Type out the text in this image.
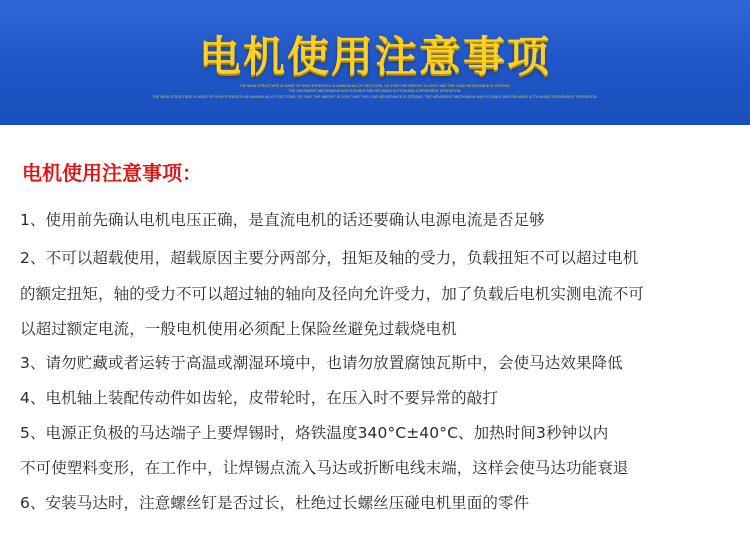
电机使用注意事项
THE MAIN STRUCTURE IS MADE OF HIGH STRENGTH ALUMINUM ALLOY SECTIONS, SO THAT THE WEIGHT IS LIGHT AND THE LOAD RESISTANCE IS STRONG.
THE MOVEMENT MECHANISM HAS FLEXIBLE AND RELIABLE ACTION AND CONVENIENT OPERATION.
THE MAIN STRUCTURE IS MADE OF HIGH STRENGTH ALUMINUM ALLOY SECTIONS, SO THAT THE WEIGHT IS LIGHT AND THE LOAD RESISTANCE IS STRONG. THE MOVEMENT MECHANISM HAS FLEXIBLE AND RELIABLE ACTION AND CONVENIENT OPERATION.
电机使用注意事项：
1、使用前先确认电机电压正确，是直流电机的话还要确认电源电流是否足够
2、不可以超载使用，超载原因主要分两部分，扭矩及轴的受力，负载扭矩不可以超过电机
的额定扭矩，轴的受力不可以超过轴的轴向及径向允许受力，加了负载后电机实测电流不可
以超过额定电流，一般电机使用必须配上保险丝避免过载烧电机
3、请勿贮藏或者运转于高温或潮湿环境中，也请勿放置腐蚀瓦斯中，会使马达效果降低
4、电机轴上装配传动件如齿轮，皮带轮时，在压入时不要异常的敲打
5、电源正负极的马达端子上要焊锡时，烙铁温度340°C±40°C、加热时间3秒钟以内
不可使塑料变形，在工作中，让焊锡点流入马达或折断电线末端，这样会使马达功能衰退
6、安装马达时，注意螺丝钉是否过长，杜绝过长螺丝压碰电机里面的零件
